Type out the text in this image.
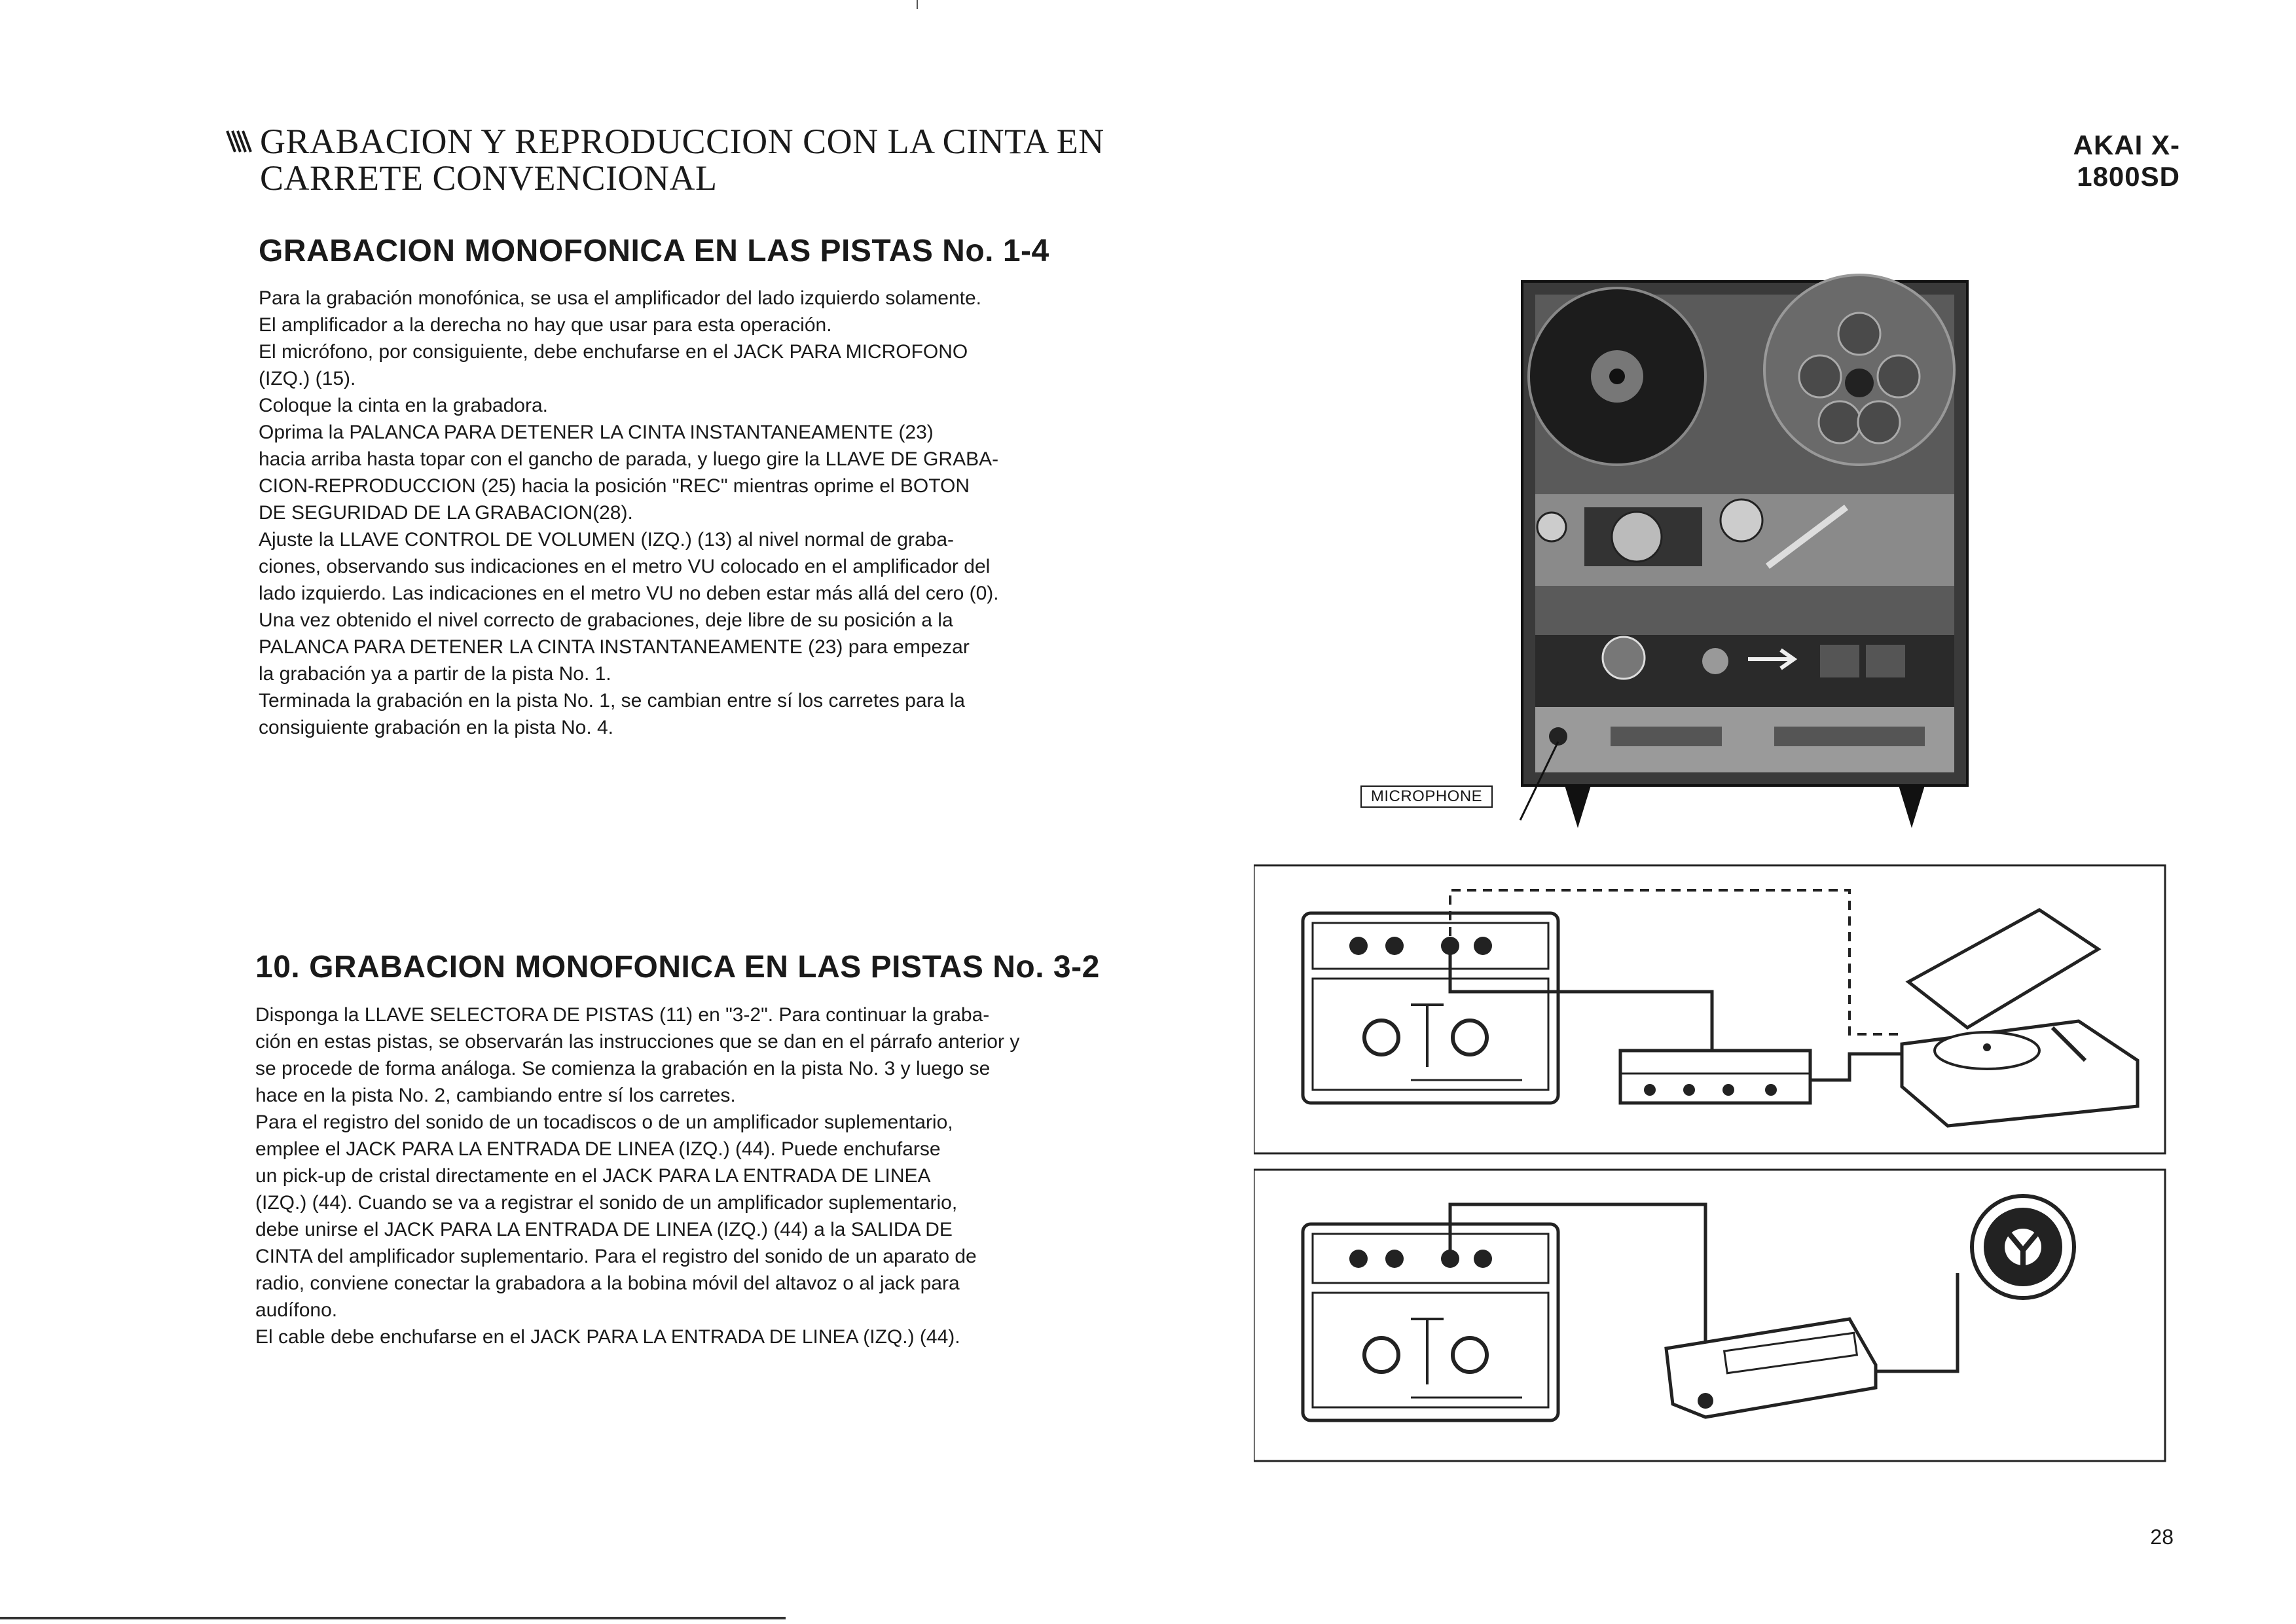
GRABACION Y REPRODUCCION CON LA CINTA EN
CARRETE CONVENCIONAL
AKAI X-1800SD
GRABACION MONOFONICA EN LAS PISTAS No. 1-4
Para la grabación monofónica, se usa el amplificador del lado izquierdo solamente.
El amplificador a la derecha no hay que usar para esta operación.
El micrófono, por consiguiente, debe enchufarse en el JACK PARA MICROFONO
(IZQ.) (15).
Coloque la cinta en la grabadora.
Oprima la PALANCA PARA DETENER LA CINTA INSTANTANEAMENTE (23)
hacia arriba hasta topar con el gancho de parada, y luego gire la LLAVE DE GRABA-
CION-REPRODUCCION (25) hacia la posición "REC" mientras oprime el BOTON
DE SEGURIDAD DE LA GRABACION(28).
Ajuste la LLAVE CONTROL DE VOLUMEN (IZQ.) (13) al nivel normal de graba-
ciones, observando sus indicaciones en el metro VU colocado en el amplificador del
lado izquierdo. Las indicaciones en el metro VU no deben estar más allá del cero (0).
Una vez obtenido el nivel correcto de grabaciones, deje libre de su posición a la
PALANCA PARA DETENER LA CINTA INSTANTANEAMENTE (23) para empezar
la grabación ya a partir de la pista No. 1.
Terminada la grabación en la pista No. 1, se cambian entre sí los carretes para la
consiguiente grabación en la pista No. 4.
10. GRABACION MONOFONICA EN LAS PISTAS No. 3-2
Disponga la LLAVE SELECTORA DE PISTAS (11) en "3-2". Para continuar la graba-
ción en estas pistas, se observarán las instrucciones que se dan en el párrafo anterior y
se procede de forma análoga. Se comienza la grabación en la pista No. 3 y luego se
hace en la pista No. 2, cambiando entre sí los carretes.
Para el registro del sonido de un tocadiscos o de un amplificador suplementario,
emplee el JACK PARA LA ENTRADA DE LINEA (IZQ.) (44). Puede enchufarse
un pick-up de cristal directamente en el JACK PARA LA ENTRADA DE LINEA
(IZQ.) (44). Cuando se va a registrar el sonido de un amplificador suplementario,
debe unirse el JACK PARA LA ENTRADA DE LINEA (IZQ.) (44) a la SALIDA DE
CINTA del amplificador suplementario. Para el registro del sonido de un aparato de
radio, conviene conectar la grabadora a la bobina móvil del altavoz o al jack para
audífono.
El cable debe enchufarse en el JACK PARA LA ENTRADA DE LINEA (IZQ.) (44).
MICROPHONE
28
